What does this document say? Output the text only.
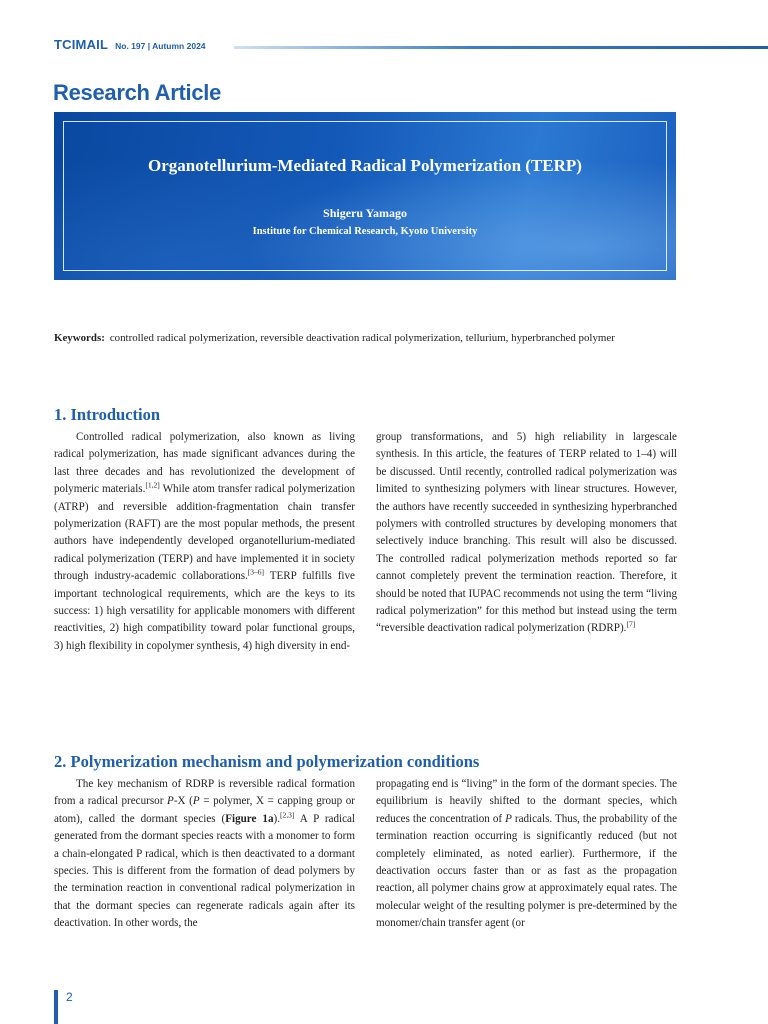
TCIMAIL No. 197 | Autumn 2024
Research Article

Organotellurium-Mediated Radical Polymerization (TERP)

Shigeru Yamago

Institute for Chemical Research, Kyoto University

Keywords: controlled radical polymerization, reversible deactivation radical polymerization, tellurium, hyperbranched polymer

1. Introduction

Controlled radical polymerization, also known as living radical polymerization, has made significant advances during the last three decades and has revolutionized the development of polymeric materials.[1,2] While atom transfer radical polymerization (ATRP) and reversible addition-fragmentation chain transfer polymerization (RAFT) are the most popular methods, the present authors have independently developed organotellurium-mediated radical polymerization (TERP) and have implemented it in society through industry-academic collaborations.[3–6] TERP fulfills five important technological requirements, which are the keys to its success: 1) high versatility for applicable monomers with different reactivities, 2) high compatibility toward polar functional groups, 3) high flexibility in copolymer synthesis, 4) high diversity in end-

group transformations, and 5) high reliability in largescale synthesis. In this article, the features of TERP related to 1–4) will be discussed. Until recently, controlled radical polymerization was limited to synthesizing polymers with linear structures. However, the authors have recently succeeded in synthesizing hyperbranched polymers with controlled structures by developing monomers that selectively induce branching. This result will also be discussed. The controlled radical polymerization methods reported so far cannot completely prevent the termination reaction. Therefore, it should be noted that IUPAC recommends not using the term “living radical polymerization” for this method but instead using the term “reversible deactivation radical polymerization (RDRP).[7]

2. Polymerization mechanism and polymerization conditions

The key mechanism of RDRP is reversible radical formation from a radical precursor P-X (P = polymer, X = capping group or atom), called the dormant species (Figure 1a).[2,3] A P radical generated from the dormant species reacts with a monomer to form a chain-elongated P radical, which is then deactivated to a dormant species. This is different from the formation of dead polymers by the termination reaction in conventional radical polymerization in that the dormant species can regenerate radicals again after its deactivation. In other words, the

propagating end is “living” in the form of the dormant species. The equilibrium is heavily shifted to the dormant species, which reduces the concentration of P radicals. Thus, the probability of the termination reaction occurring is significantly reduced (but not completely eliminated, as noted earlier). Furthermore, if the deactivation occurs faster than or as fast as the propagation reaction, all polymer chains grow at approximately equal rates. The molecular weight of the resulting polymer is pre-determined by the monomer/chain transfer agent (or

2
